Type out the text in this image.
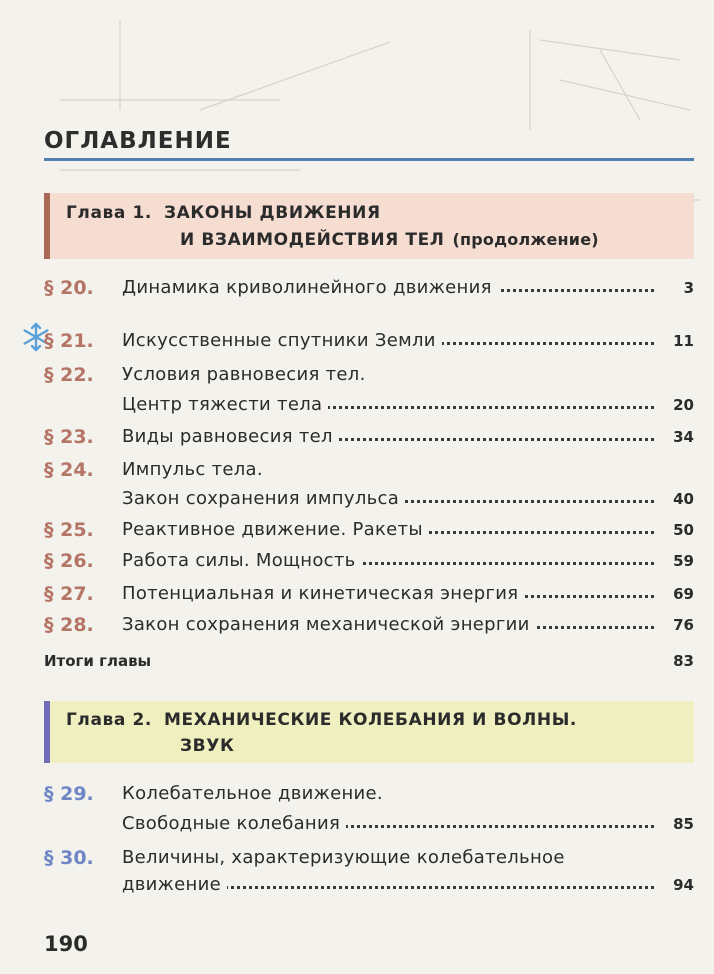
ОГЛАВЛЕНИЕ
Глава 1. ЗАКОНЫ ДВИЖЕНИЯ
И ВЗАИМОДЕЙСТВИЯ ТЕЛ (продолжение)
§ 20. Динамика криволинейного движения	3
§ 21. Искусственные спутники Земли	11
§ 22. Условия равновесия тел.
Центр тяжести тела	20
§ 23. Виды равновесия тел	34
§ 24. Импульс тела.
Закон сохранения импульса	40
§ 25. Реактивное движение. Ракеты	50
§ 26. Работа силы. Мощность	59
§ 27. Потенциальная и кинетическая энергия	69
§ 28. Закон сохранения механической энергии	76
Итоги главы	83
Глава 2. МЕХАНИЧЕСКИЕ КОЛЕБАНИЯ И ВОЛНЫ.
ЗВУК
§ 29. Колебательное движение.
Свободные колебания	85
§ 30. Величины, характеризующие колебательное
движение	94
190
